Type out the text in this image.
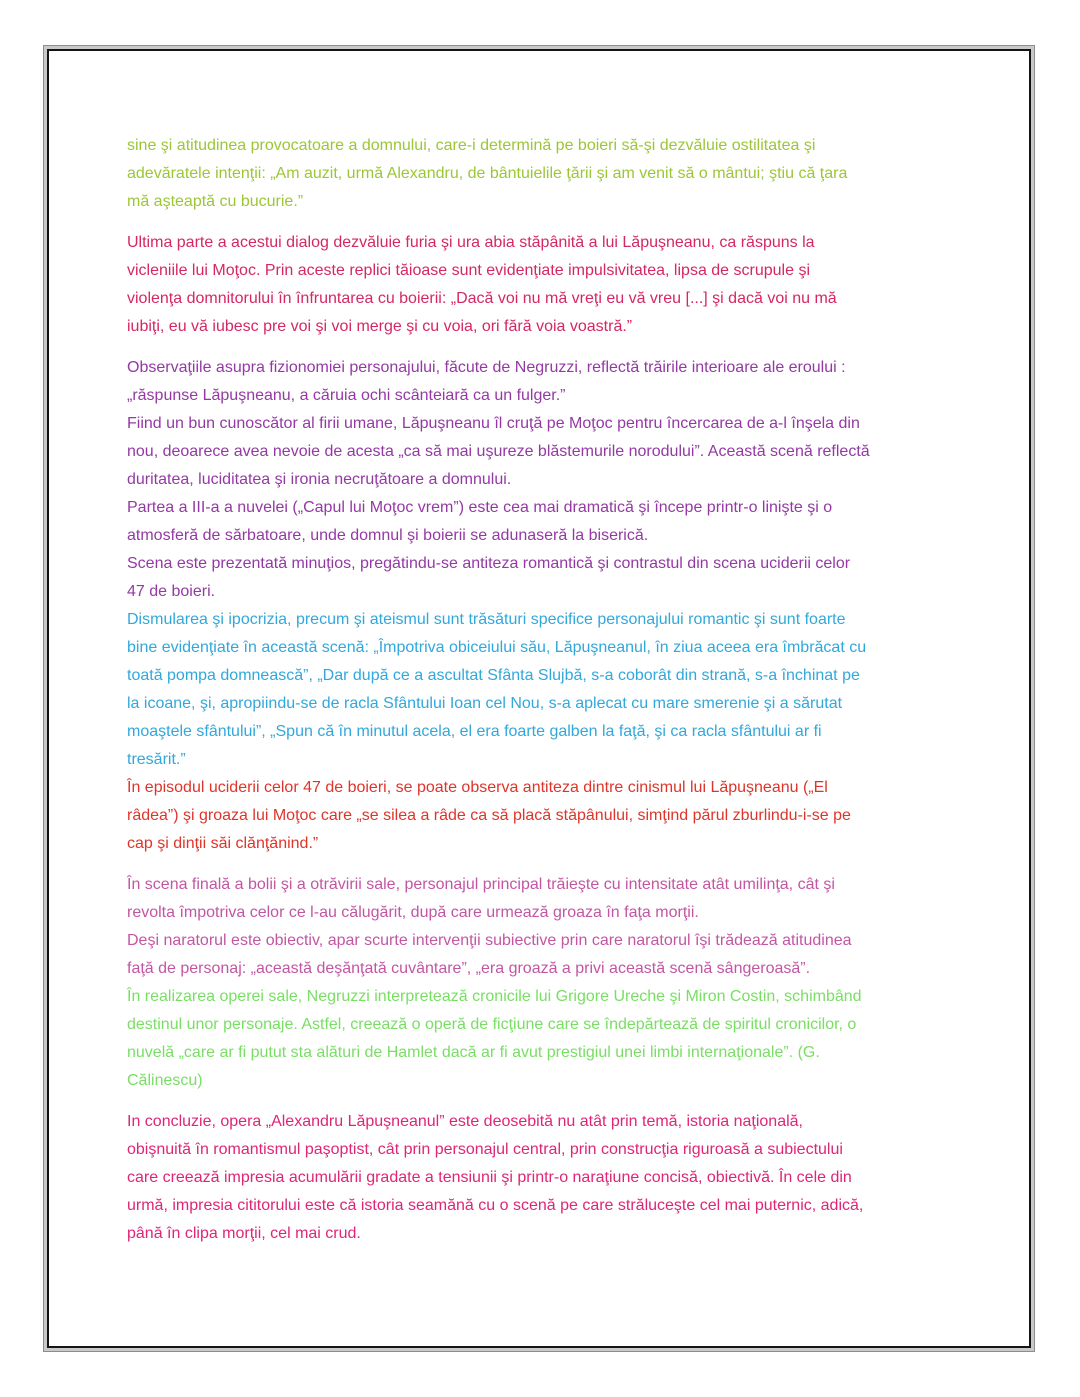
sine şi atitudinea provocatoare a domnului, care-i determină pe boieri să-şi dezvăluie ostilitatea şi
adevăratele intenţii: „Am auzit, urmă Alexandru, de bântuielile ţării şi am venit să o mântui; ştiu că ţara
mă aşteaptă cu bucurie.”
Ultima parte a acestui dialog dezvăluie furia şi ura abia stăpânită a lui Lăpuşneanu, ca răspuns la
vicleniile lui Moţoc. Prin aceste replici tăioase sunt evidenţiate impulsivitatea, lipsa de scrupule şi
violenţa domnitorului în înfruntarea cu boierii: „Dacă voi nu mă vreţi eu vă vreu [...] şi dacă voi nu mă
iubiţi, eu vă iubesc pre voi şi voi merge şi cu voia, ori fără voia voastră.”
Observaţiile asupra fizionomiei personajului, făcute de Negruzzi, reflectă trăirile interioare ale eroului :
„răspunse Lăpuşneanu, a căruia ochi scânteiară ca un fulger.”
Fiind un bun cunoscător al firii umane, Lăpuşneanu îl cruţă pe Moţoc pentru încercarea de a-l înşela din
nou, deoarece avea nevoie de acesta „ca să mai uşureze blăstemurile norodului”. Această scenă reflectă
duritatea, luciditatea şi ironia necruţătoare a domnului.
Partea a III-a a nuvelei („Capul lui Moţoc vrem”) este cea mai dramatică şi începe printr-o linişte şi o
atmosferă de sărbatoare, unde domnul şi boierii se adunaseră la biserică.
Scena este prezentată minuţios, pregătindu-se antiteza romantică şi contrastul din scena uciderii celor
47 de boieri.
Dismularea şi ipocrizia, precum şi ateismul sunt trăsături specifice personajului romantic şi sunt foarte
bine evidenţiate în această scenă: „Împotriva obiceiului său, Lăpuşneanul, în ziua aceea era îmbrăcat cu
toată pompa domnească”, „Dar după ce a ascultat Sfânta Slujbă, s-a coborât din strană, s-a închinat pe
la icoane, şi, apropiindu-se de racla Sfântului Ioan cel Nou, s-a aplecat cu mare smerenie şi a sărutat
moaştele sfântului”, „Spun că în minutul acela, el era foarte galben la faţă, şi ca racla sfântului ar fi
tresărit.”
În episodul uciderii celor 47 de boieri, se poate observa antiteza dintre cinismul lui Lăpuşneanu („El
râdea”) şi groaza lui Moţoc care „se silea a râde ca să placă stăpânului, simţind părul zburlindu-i-se pe
cap şi dinţii săi clănţănind.”
În scena finală a bolii şi a otrăvirii sale, personajul principal trăieşte cu intensitate atât umilinţa, cât şi
revolta împotriva celor ce l-au călugărit, după care urmează groaza în faţa morţii.
Deşi naratorul este obiectiv, apar scurte intervenţii subiective prin care naratorul îşi trădează atitudinea
faţă de personaj: „această deşănţată cuvântare”, „era groază a privi această scenă sângeroasă”.
În realizarea operei sale, Negruzzi interpretează cronicile lui Grigore Ureche şi Miron Costin, schimbând
destinul unor personaje. Astfel, creează o operă de ficţiune care se îndepărtează de spiritul cronicilor, o
nuvelă „care ar fi putut sta alături de Hamlet dacă ar fi avut prestigiul unei limbi internaţionale”. (G.
Călinescu)
In concluzie, opera „Alexandru Lăpuşneanul” este deosebită nu atât prin temă, istoria naţională,
obişnuită în romantismul paşoptist, cât prin personajul central, prin construcţia riguroasă a subiectului
care creează impresia acumulării gradate a tensiunii şi printr-o naraţiune concisă, obiectivă. În cele din
urmă, impresia cititorului este că istoria seamănă cu o scenă pe care străluceşte cel mai puternic, adică,
până în clipa morţii, cel mai crud.
